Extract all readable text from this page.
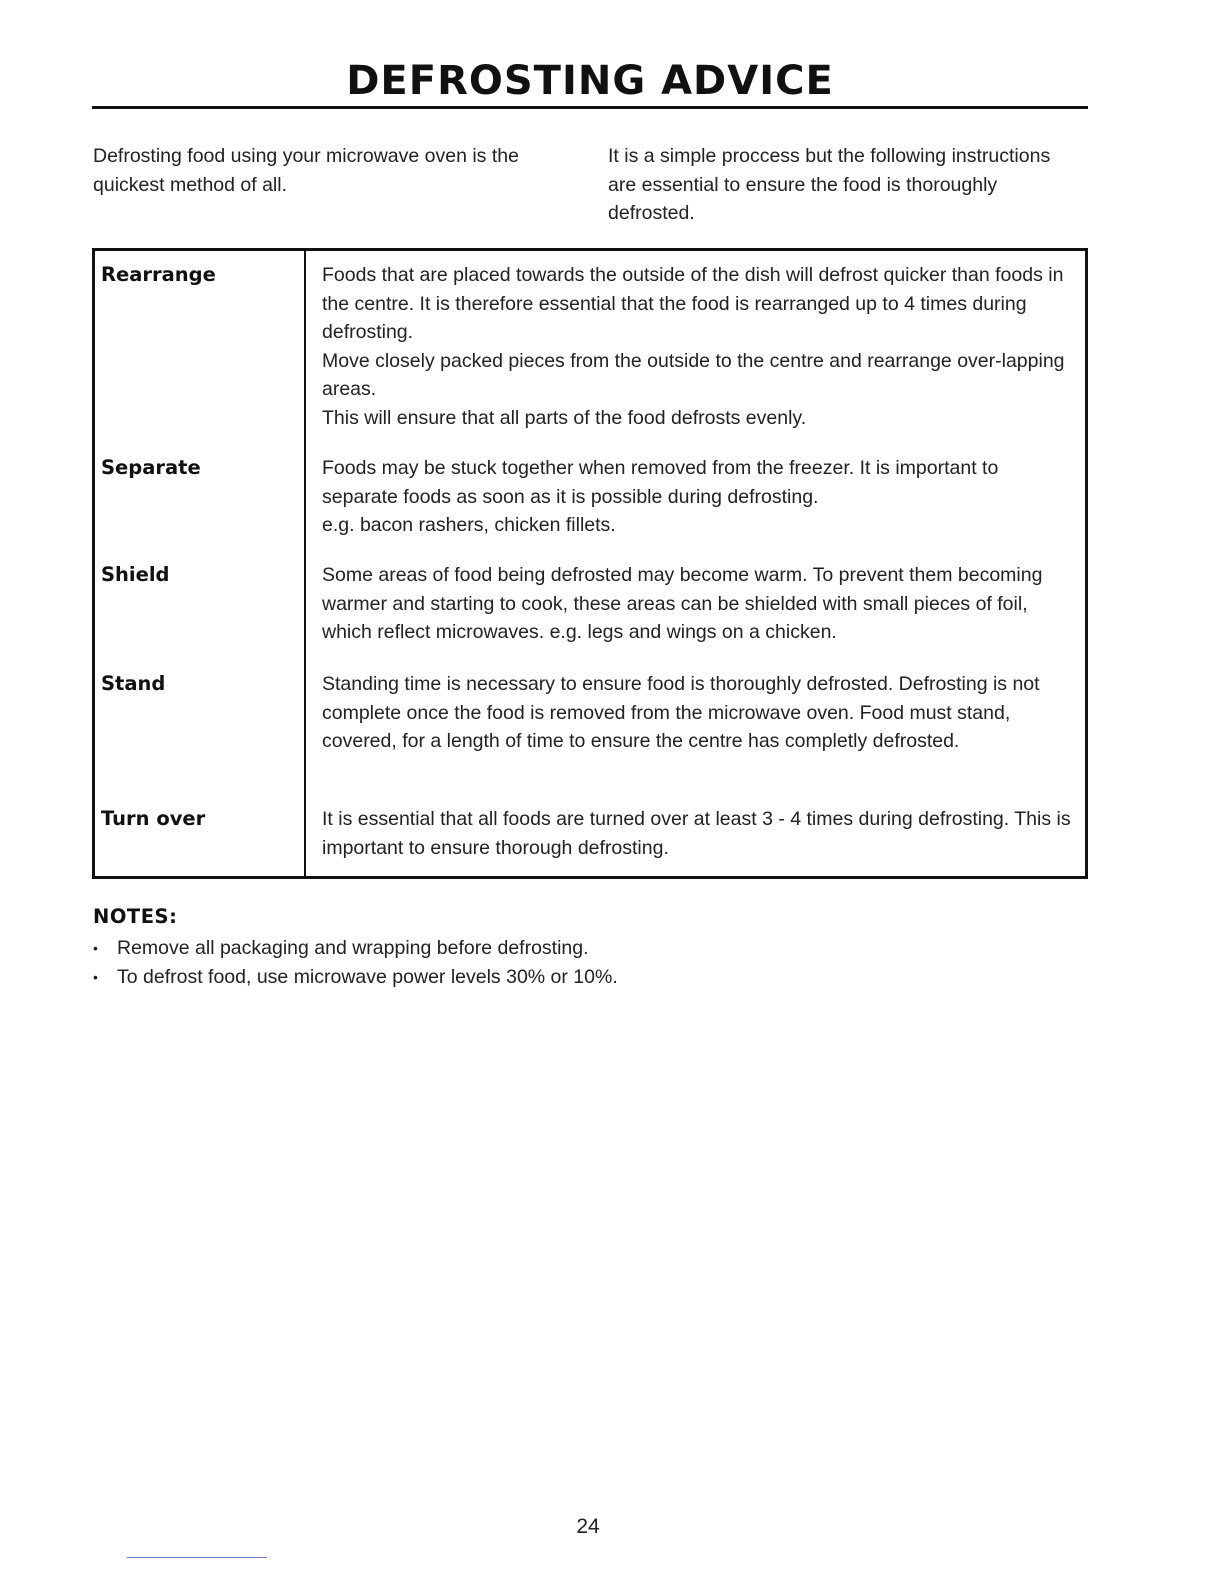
DEFROSTING ADVICE
Defrosting food using your microwave oven is the quickest method of all.
It is a simple proccess but the following instructions are essential to ensure the food is thoroughly defrosted.
Rearrange	Foods that are placed towards the outside of the dish will defrost quicker than foods in the centre. It is therefore essential that the food is rearranged up to 4 times during defrosting.

Move closely packed pieces from the outside to the centre and rearrange over-lapping areas.

This will ensure that all parts of the food defrosts evenly.

Separate	Foods may be stuck together when removed from the freezer. It is important to separate foods as soon as it is possible during defrosting.

e.g. bacon rashers, chicken fillets.

Shield	Some areas of food being defrosted may become warm. To prevent them becoming warmer and starting to cook, these areas can be shielded with small pieces of foil, which reflect microwaves. e.g. legs and wings on a chicken.

Stand	Standing time is necessary to ensure food is thoroughly defrosted. Defrosting is not complete once the food is removed from the microwave oven. Food must stand, covered, for a length of time to ensure the centre has completly defrosted.

Turn over	It is essential that all foods are turned over at least 3 - 4 times during defrosting. This is important to ensure thorough defrosting.

NOTES:
• Remove all packaging and wrapping before defrosting.
• To defrost food, use microwave power levels 30% or 10%.
24
